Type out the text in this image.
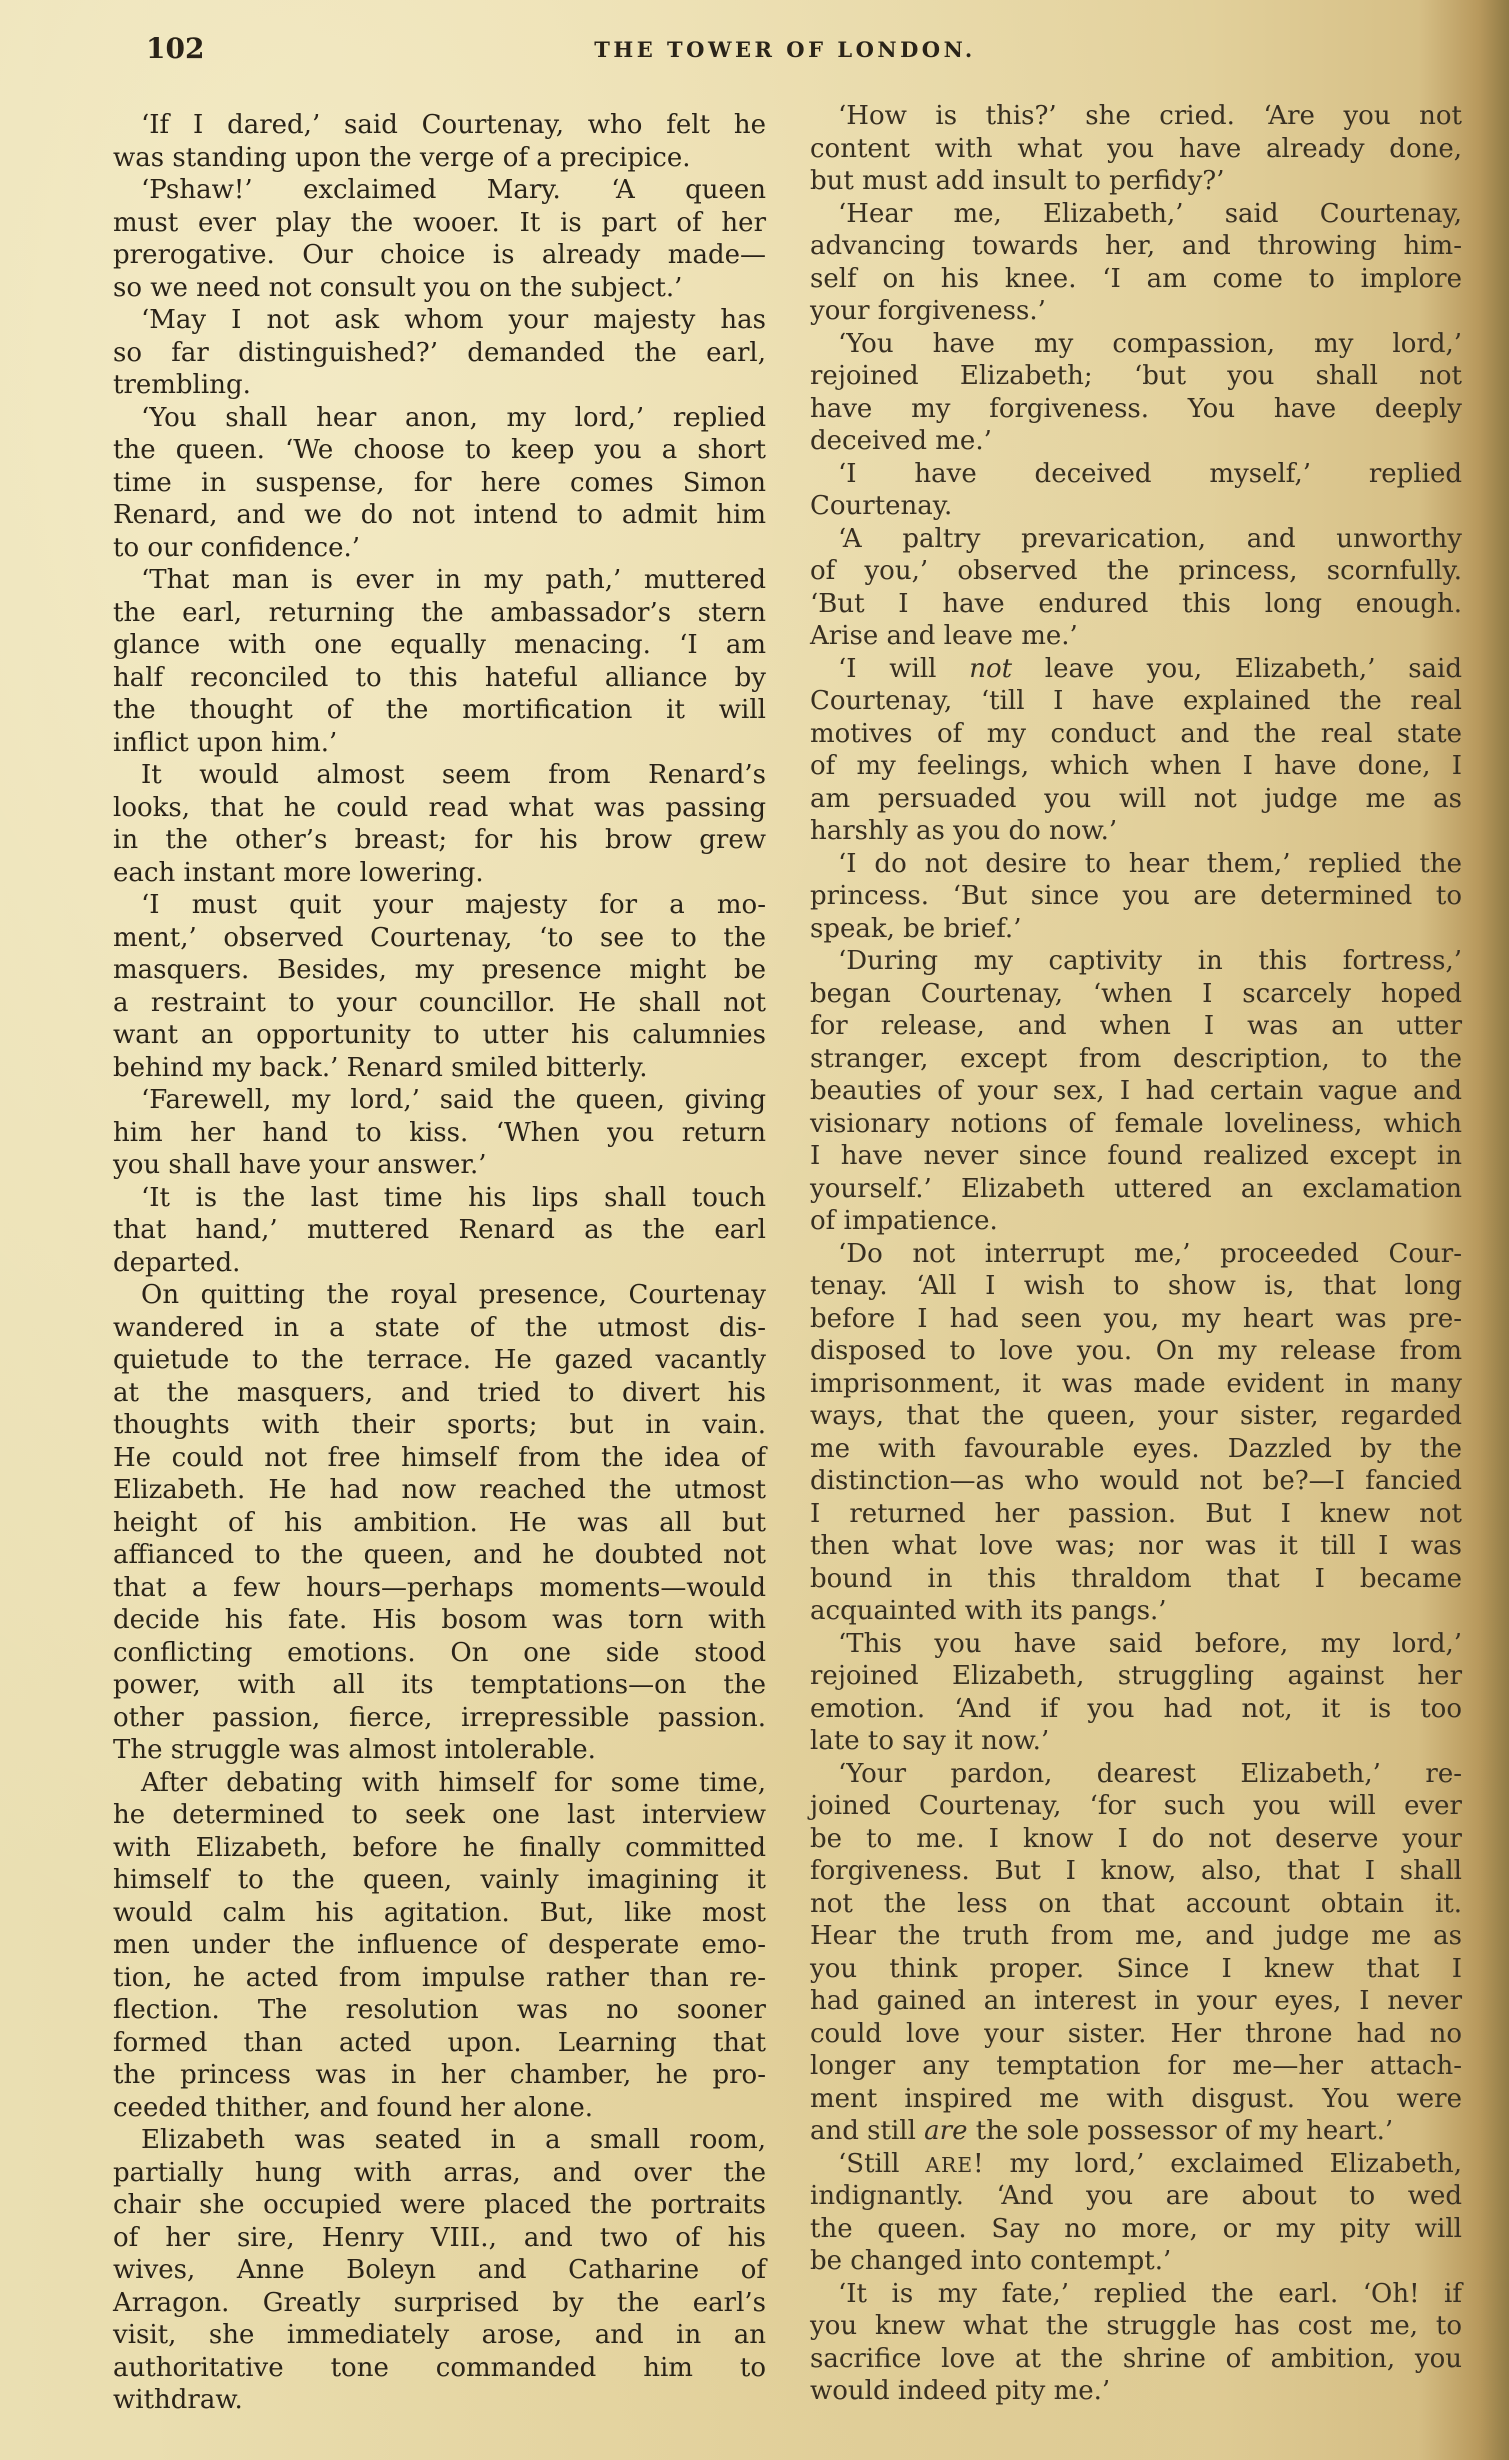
102	THE TOWER OF LONDON.
‘If I dared,’ said Courtenay, who felt he
was standing upon the verge of a precipice.
‘Pshaw!’ exclaimed Mary. ‘A queen
must ever play the wooer. It is part of her
prerogative. Our choice is already made—
so we need not consult you on the subject.’
‘May I not ask whom your majesty has
so far distinguished?’ demanded the earl,
trembling.
‘You shall hear anon, my lord,’ replied
the queen. ‘We choose to keep you a short
time in suspense, for here comes Simon
Renard, and we do not intend to admit him
to our confidence.’
‘That man is ever in my path,’ muttered
the earl, returning the ambassador’s stern
glance with one equally menacing. ‘I am
half reconciled to this hateful alliance by
the thought of the mortification it will
inflict upon him.’
It would almost seem from Renard’s
looks, that he could read what was passing
in the other’s breast; for his brow grew
each instant more lowering.
‘I must quit your majesty for a mo-
ment,’ observed Courtenay, ‘to see to the
masquers. Besides, my presence might be
a restraint to your councillor. He shall not
want an opportunity to utter his calumnies
behind my back.’ Renard smiled bitterly.
‘Farewell, my lord,’ said the queen, giving
him her hand to kiss. ‘When you return
you shall have your answer.’
‘It is the last time his lips shall touch
that hand,’ muttered Renard as the earl
departed.
On quitting the royal presence, Courtenay
wandered in a state of the utmost dis-
quietude to the terrace. He gazed vacantly
at the masquers, and tried to divert his
thoughts with their sports; but in vain.
He could not free himself from the idea of
Elizabeth. He had now reached the utmost
height of his ambition. He was all but
affianced to the queen, and he doubted not
that a few hours—perhaps moments—would
decide his fate. His bosom was torn with
conflicting emotions. On one side stood
power, with all its temptations—on the
other passion, fierce, irrepressible passion.
The struggle was almost intolerable.
After debating with himself for some time,
he determined to seek one last interview
with Elizabeth, before he finally committed
himself to the queen, vainly imagining it
would calm his agitation. But, like most
men under the influence of desperate emo-
tion, he acted from impulse rather than re-
flection. The resolution was no sooner
formed than acted upon. Learning that
the princess was in her chamber, he pro-
ceeded thither, and found her alone.
Elizabeth was seated in a small room,
partially hung with arras, and over the
chair she occupied were placed the portraits
of her sire, Henry VIII., and two of his
wives, Anne Boleyn and Catharine of
Arragon. Greatly surprised by the earl’s
visit, she immediately arose, and in an
authoritative tone commanded him to
withdraw.
‘How is this?’ she cried. ‘Are you not
content with what you have already done,
but must add insult to perfidy?’
‘Hear me, Elizabeth,’ said Courtenay,
advancing towards her, and throwing him-
self on his knee. ‘I am come to implore
your forgiveness.’
‘You have my compassion, my lord,’
rejoined Elizabeth; ‘but you shall not
have my forgiveness. You have deeply
deceived me.’
‘I have deceived myself,’ replied
Courtenay.
‘A paltry prevarication, and unworthy
of you,’ observed the princess, scornfully.
‘But I have endured this long enough.
Arise and leave me.’
‘I will not leave you, Elizabeth,’ said
Courtenay, ‘till I have explained the real
motives of my conduct and the real state
of my feelings, which when I have done, I
am persuaded you will not judge me as
harshly as you do now.’
‘I do not desire to hear them,’ replied the
princess. ‘But since you are determined to
speak, be brief.’
‘During my captivity in this fortress,’
began Courtenay, ‘when I scarcely hoped
for release, and when I was an utter
stranger, except from description, to the
beauties of your sex, I had certain vague and
visionary notions of female loveliness, which
I have never since found realized except in
yourself.’ Elizabeth uttered an exclamation
of impatience.
‘Do not interrupt me,’ proceeded Cour-
tenay. ‘All I wish to show is, that long
before I had seen you, my heart was pre-
disposed to love you. On my release from
imprisonment, it was made evident in many
ways, that the queen, your sister, regarded
me with favourable eyes. Dazzled by the
distinction—as who would not be?—I fancied
I returned her passion. But I knew not
then what love was; nor was it till I was
bound in this thraldom that I became
acquainted with its pangs.’
‘This you have said before, my lord,’
rejoined Elizabeth, struggling against her
emotion. ‘And if you had not, it is too
late to say it now.’
‘Your pardon, dearest Elizabeth,’ re-
joined Courtenay, ‘for such you will ever
be to me. I know I do not deserve your
forgiveness. But I know, also, that I shall
not the less on that account obtain it.
Hear the truth from me, and judge me as
you think proper. Since I knew that I
had gained an interest in your eyes, I never
could love your sister. Her throne had no
longer any temptation for me—her attach-
ment inspired me with disgust. You were
and still are the sole possessor of my heart.’
‘Still ARE! my lord,’ exclaimed Elizabeth,
indignantly. ‘And you are about to wed
the queen. Say no more, or my pity will
be changed into contempt.’
‘It is my fate,’ replied the earl. ‘Oh! if
you knew what the struggle has cost me, to
sacrifice love at the shrine of ambition, you
would indeed pity me.’
